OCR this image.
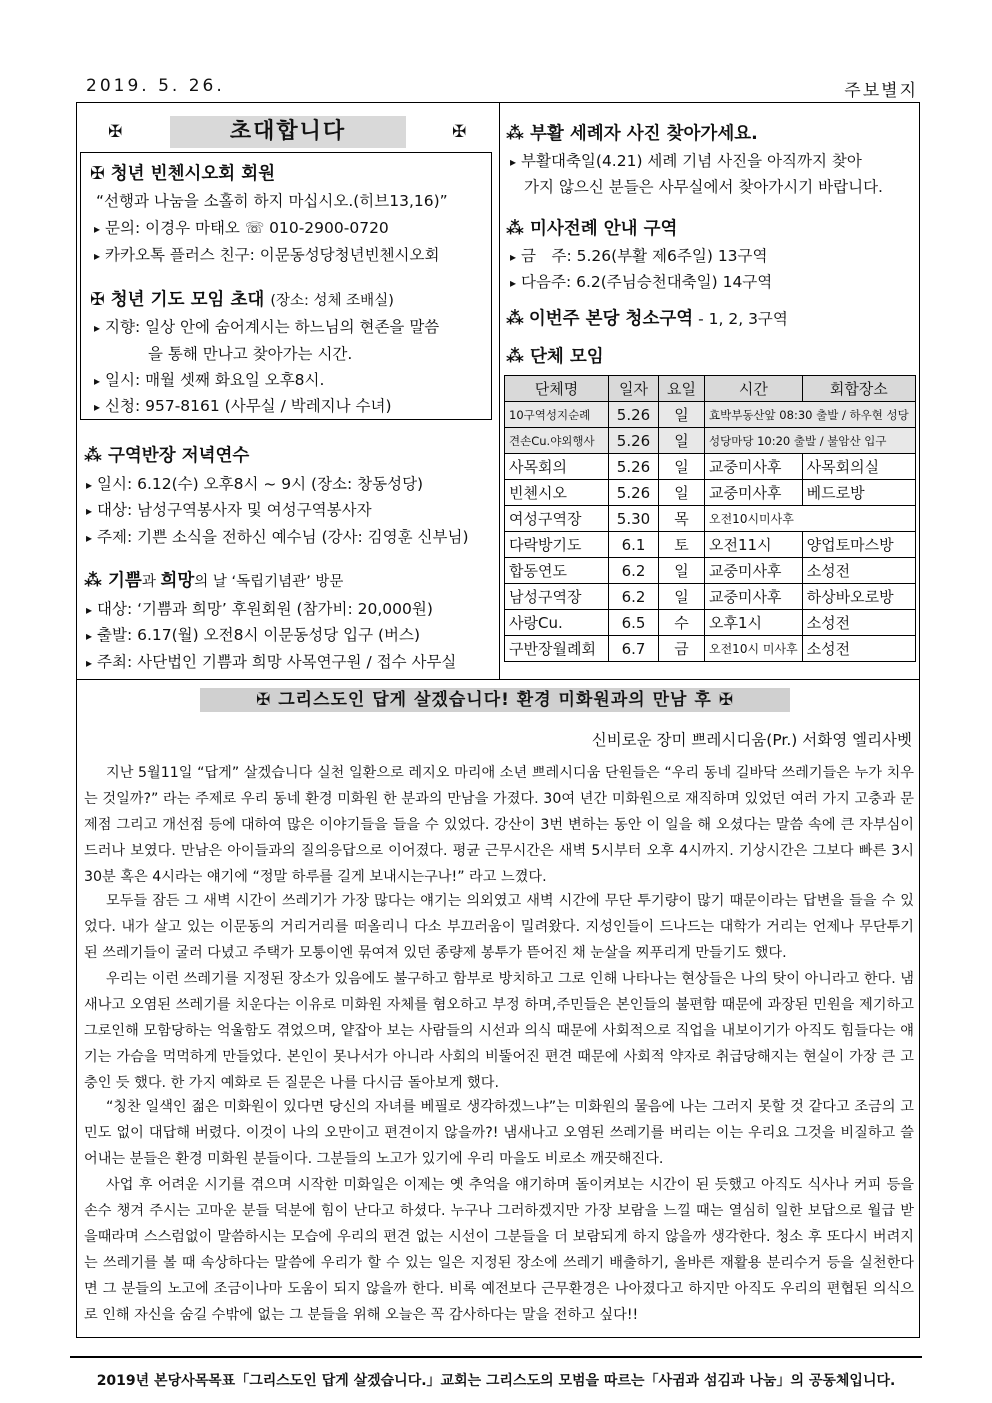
2019. 5. 26.	주보별지
✠	초대합니다	✠
✠ 청년 빈첸시오회 회원
“선행과 나눔을 소홀히 하지 마십시오.(히브13,16)”
▸ 문의: 이경우 마태오 ☏ 010-2900-0720
▸ 카카오톡 플러스 친구: 이문동성당청년빈첸시오회
✠ 청년 기도 모임 초대 (장소: 성체 조배실)
▸ 지향: 일상 안에 숨어계시는 하느님의 현존을 말씀
을 통해 만나고 찾아가는 시간.
▸ 일시: 매월 셋째 화요일 오후8시.
▸ 신청: 957-8161 (사무실 / 박레지나 수녀)
⁂ 구역반장 저녁연수
▸ 일시: 6.12(수) 오후8시 ~ 9시 (장소: 창동성당)
▸ 대상: 남성구역봉사자 및 여성구역봉사자
▸ 주제: 기쁜 소식을 전하신 예수님 (강사: 김영훈 신부님)
⁂ 기쁨과 희망의 날 ‘독립기념관’ 방문
▸ 대상: ‘기쁨과 희망’ 후원회원 (참가비: 20,000원)
▸ 출발: 6.17(월) 오전8시 이문동성당 입구 (버스)
▸ 주최: 사단법인 기쁨과 희망 사목연구원 / 접수 사무실
⁂ 부활 세례자 사진 찾아가세요.
▸ 부활대축일(4.21) 세례 기념 사진을 아직까지 찾아
가지 않으신 분들은 사무실에서 찾아가시기 바랍니다.
⁂ 미사전례 안내 구역
▸ 금　주: 5.26(부활 제6주일) 13구역
▸ 다음주: 6.2(주님승천대축일) 14구역
⁂ 이번주 본당 청소구역 - 1, 2, 3구역
⁂ 단체 모임
단체명	일자	요일	시간	회합장소
10구역성지순례	5.26	일	효박부동산앞 08:30 출발 / 하우현 성당	
견손Cu.야외행사	5.26	일	성당마당 10:20 출발 / 불암산 입구	
사목회의	5.26	일	교중미사후	사목회의실
빈첸시오	5.26	일	교중미사후	베드로방
여성구역장	5.30	목	오전10시미사후	
다락방기도	6.1	토	오전11시	양업토마스방
합동연도	6.2	일	교중미사후	소성전
남성구역장	6.2	일	교중미사후	하상바오로방
사랑Cu.	6.5	수	오후1시	소성전
구반장월례회	6.7	금	오전10시 미사후	소성전
✠ 그리스도인 답게 살겠습니다! 환경 미화원과의 만남 후 ✠
신비로운 장미 쁘레시디움(Pr.) 서화영 엘리사벳
지난 5월11일 “답게” 살겠습니다 실천 일환으로 레지오 마리애 소년 쁘레시디움 단원들은 “우리 동네 길바닥 쓰레기들은 누가 치우는 것일까?” 라는 주제로 우리 동네 환경 미화원 한 분과의 만남을 가졌다. 30여 년간 미화원으로 재직하며 있었던 여러 가지 고충과 문제점 그리고 개선점 등에 대하여 많은 이야기들을 들을 수 있었다. 강산이 3번 변하는 동안 이 일을 해 오셨다는 말씀 속에 큰 자부심이 드러나 보였다. 만남은 아이들과의 질의응답으로 이어졌다. 평균 근무시간은 새벽 5시부터 오후 4시까지. 기상시간은 그보다 빠른 3시30분 혹은 4시라는 얘기에 “정말 하루를 길게 보내시는구나!” 라고 느꼈다.
모두들 잠든 그 새벽 시간이 쓰레기가 가장 많다는 얘기는 의외였고 새벽 시간에 무단 투기량이 많기 때문이라는 답변을 들을 수 있었다. 내가 살고 있는 이문동의 거리거리를 떠올리니 다소 부끄러움이 밀려왔다. 지성인들이 드나드는 대학가 거리는 언제나 무단투기 된 쓰레기들이 굴러 다녔고 주택가 모퉁이엔 묶여져 있던 종량제 봉투가 뜯어진 채 눈살을 찌푸리게 만들기도 했다.
우리는 이런 쓰레기를 지정된 장소가 있음에도 불구하고 함부로 방치하고 그로 인해 나타나는 현상들은 나의 탓이 아니라고 한다. 냄새나고 오염된 쓰레기를 치운다는 이유로 미화원 자체를 혐오하고 부정 하며,주민들은 본인들의 불편함 때문에 과장된 민원을 제기하고 그로인해 모함당하는 억울함도 겪었으며, 얕잡아 보는 사람들의 시선과 의식 때문에 사회적으로 직업을 내보이기가 아직도 힘들다는 얘기는 가슴을 먹먹하게 만들었다. 본인이 못나서가 아니라 사회의 비뚤어진 편견 때문에 사회적 약자로 취급당해지는 현실이 가장 큰 고충인 듯 했다. 한 가지 예화로 든 질문은 나를 다시금 돌아보게 했다.
“칭찬 일색인 젊은 미화원이 있다면 당신의 자녀를 베필로 생각하겠느냐”는 미화원의 물음에 나는 그러지 못할 것 같다고 조금의 고민도 없이 대답해 버렸다. 이것이 나의 오만이고 편견이지 않을까?! 냄새나고 오염된 쓰레기를 버리는 이는 우리요 그것을 비질하고 쓸어내는 분들은 환경 미화원 분들이다. 그분들의 노고가 있기에 우리 마을도 비로소 깨끗해진다.
사업 후 어려운 시기를 겪으며 시작한 미화일은 이제는 옛 추억을 얘기하며 돌이켜보는 시간이 된 듯했고 아직도 식사나 커피 등을 손수 챙겨 주시는 고마운 분들 덕분에 힘이 난다고 하셨다. 누구나 그러하겠지만 가장 보람을 느낄 때는 열심히 일한 보답으로 월급 받을때라며 스스럼없이 말씀하시는 모습에 우리의 편견 없는 시선이 그분들을 더 보람되게 하지 않을까 생각한다. 청소 후 또다시 버려지는 쓰레기를 볼 때 속상하다는 말씀에 우리가 할 수 있는 일은 지정된 장소에 쓰레기 배출하기, 올바른 재활용 분리수거 등을 실천한다면 그 분들의 노고에 조금이나마 도움이 되지 않을까 한다. 비록 예전보다 근무환경은 나아졌다고 하지만 아직도 우리의 편협된 의식으로 인해 자신을 숨길 수밖에 없는 그 분들을 위해 오늘은 꼭 감사하다는 말을 전하고 싶다!!
2019년 본당사목목표「그리스도인 답게 살겠습니다.」교회는 그리스도의 모범을 따르는「사귐과 섬김과 나눔」의 공동체입니다.
